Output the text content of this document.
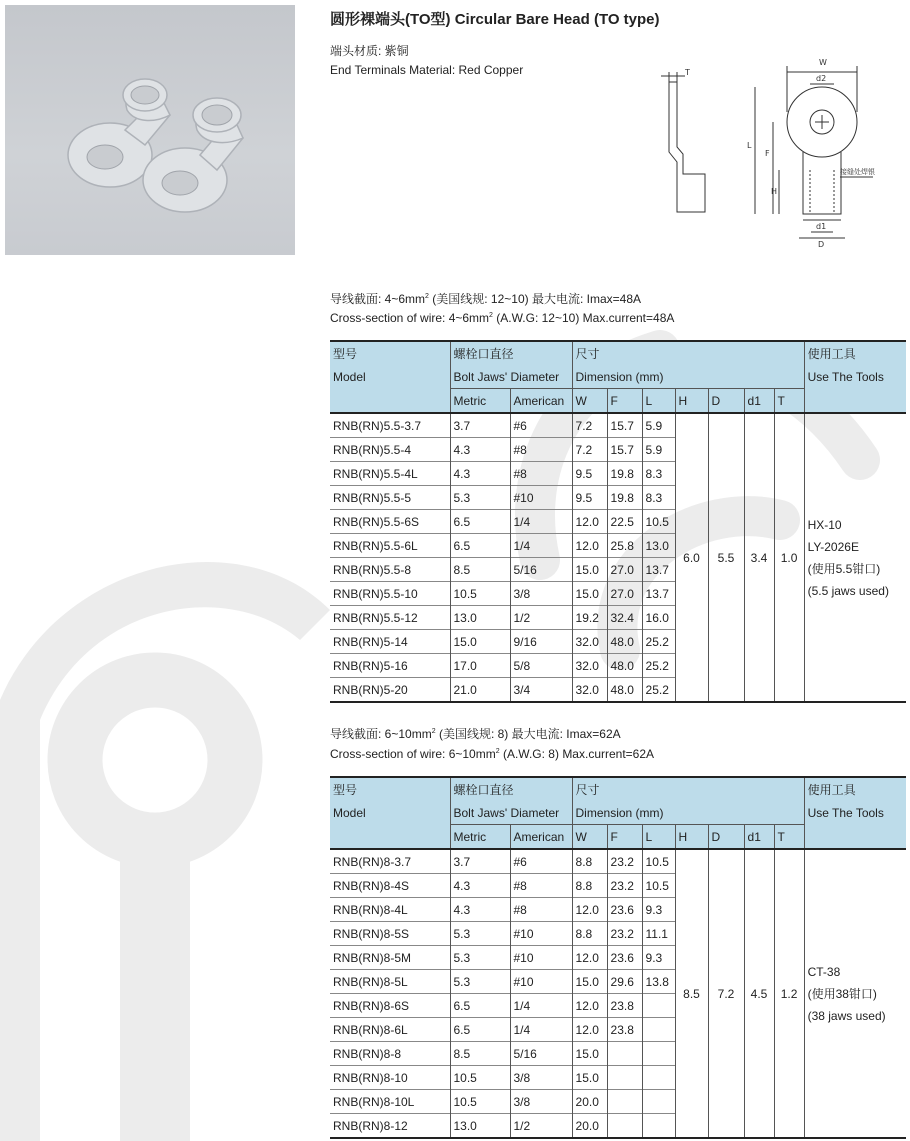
圆形裸端头(TO型) Circular Bare Head (TO type)
端头材质: 紫铜
End Terminals Material: Red Copper	T
W
d2
L
F
H
d1
D
接缝处焊银
导线截面: $4\sim 6mm^2$ (美国线规: 12~10) 最大电流: Imax=48A
Cross-section of wire: $4\sim 6mm^2$ (A.W.G: 12~10) Max.current=48A
型号	螺栓口直径		尺寸							使用工具
Model	Bolt Jaws' Diameter		Dimension (mm)							Use The Tools
	Metric	American	W	F	L	H	D	d1	T	
RNB(RN)5.5-3.7	3.7	#6	7.2	15.7	5.9	6.0	5.5	3.4	1.0	HX-10
LY-2026E
(使用5.5钳口)
(5.5 jaws used)

RNB(RN)5.5-4	4.3	#8	7.2	15.7	5.9					
RNB(RN)5.5-4L	4.3	#8	9.5	19.8	8.3					
RNB(RN)5.5-5	5.3	#10	9.5	19.8	8.3					
RNB(RN)5.5-6S	6.5	1/4	12.0	22.5	10.5					
RNB(RN)5.5-6L	6.5	1/4	12.0	25.8	13.0					
RNB(RN)5.5-8	8.5	5/16	15.0	27.0	13.7					
RNB(RN)5.5-10	10.5	3/8	15.0	27.0	13.7					
RNB(RN)5.5-12	13.0	1/2	19.2	32.4	16.0					
RNB(RN)5-14	15.0	9/16	32.0	48.0	25.2					
RNB(RN)5-16	17.0	5/8	32.0	48.0	25.2					
RNB(RN)5-20	21.0	3/4	32.0	48.0	25.2					
导线截面: $6\sim 10mm^2$ (美国线规: 8) 最大电流: Imax=62A
Cross-section of wire: $6\sim 10mm^2$ (A.W.G: 8) Max.current=62A
型号	螺栓口直径		尺寸							使用工具
Model	Bolt Jaws' Diameter		Dimension (mm)							Use The Tools
	Metric	American	W	F	L	H	D	d1	T	
RNB(RN)8-3.7	3.7	#6	8.8	23.2	10.5	8.5	7.2	4.5	1.2	CT-38
(使用38钳口)
(38 jaws used)

RNB(RN)8-4S	4.3	#8	8.8	23.2	10.5					
RNB(RN)8-4L	4.3	#8	12.0	23.6	9.3					
RNB(RN)8-5S	5.3	#10	8.8	23.2	11.1					
RNB(RN)8-5M	5.3	#10	12.0	23.6	9.3					
RNB(RN)8-5L	5.3	#10	15.0	29.6	13.8					
RNB(RN)8-6S	6.5	1/4	12.0	23.8						
RNB(RN)8-6L	6.5	1/4	12.0	23.8						
RNB(RN)8-8	8.5	5/16	15.0							
RNB(RN)8-10	10.5	3/8	15.0							
RNB(RN)8-10L	10.5	3/8	20.0							
RNB(RN)8-12	13.0	1/2	20.0							
